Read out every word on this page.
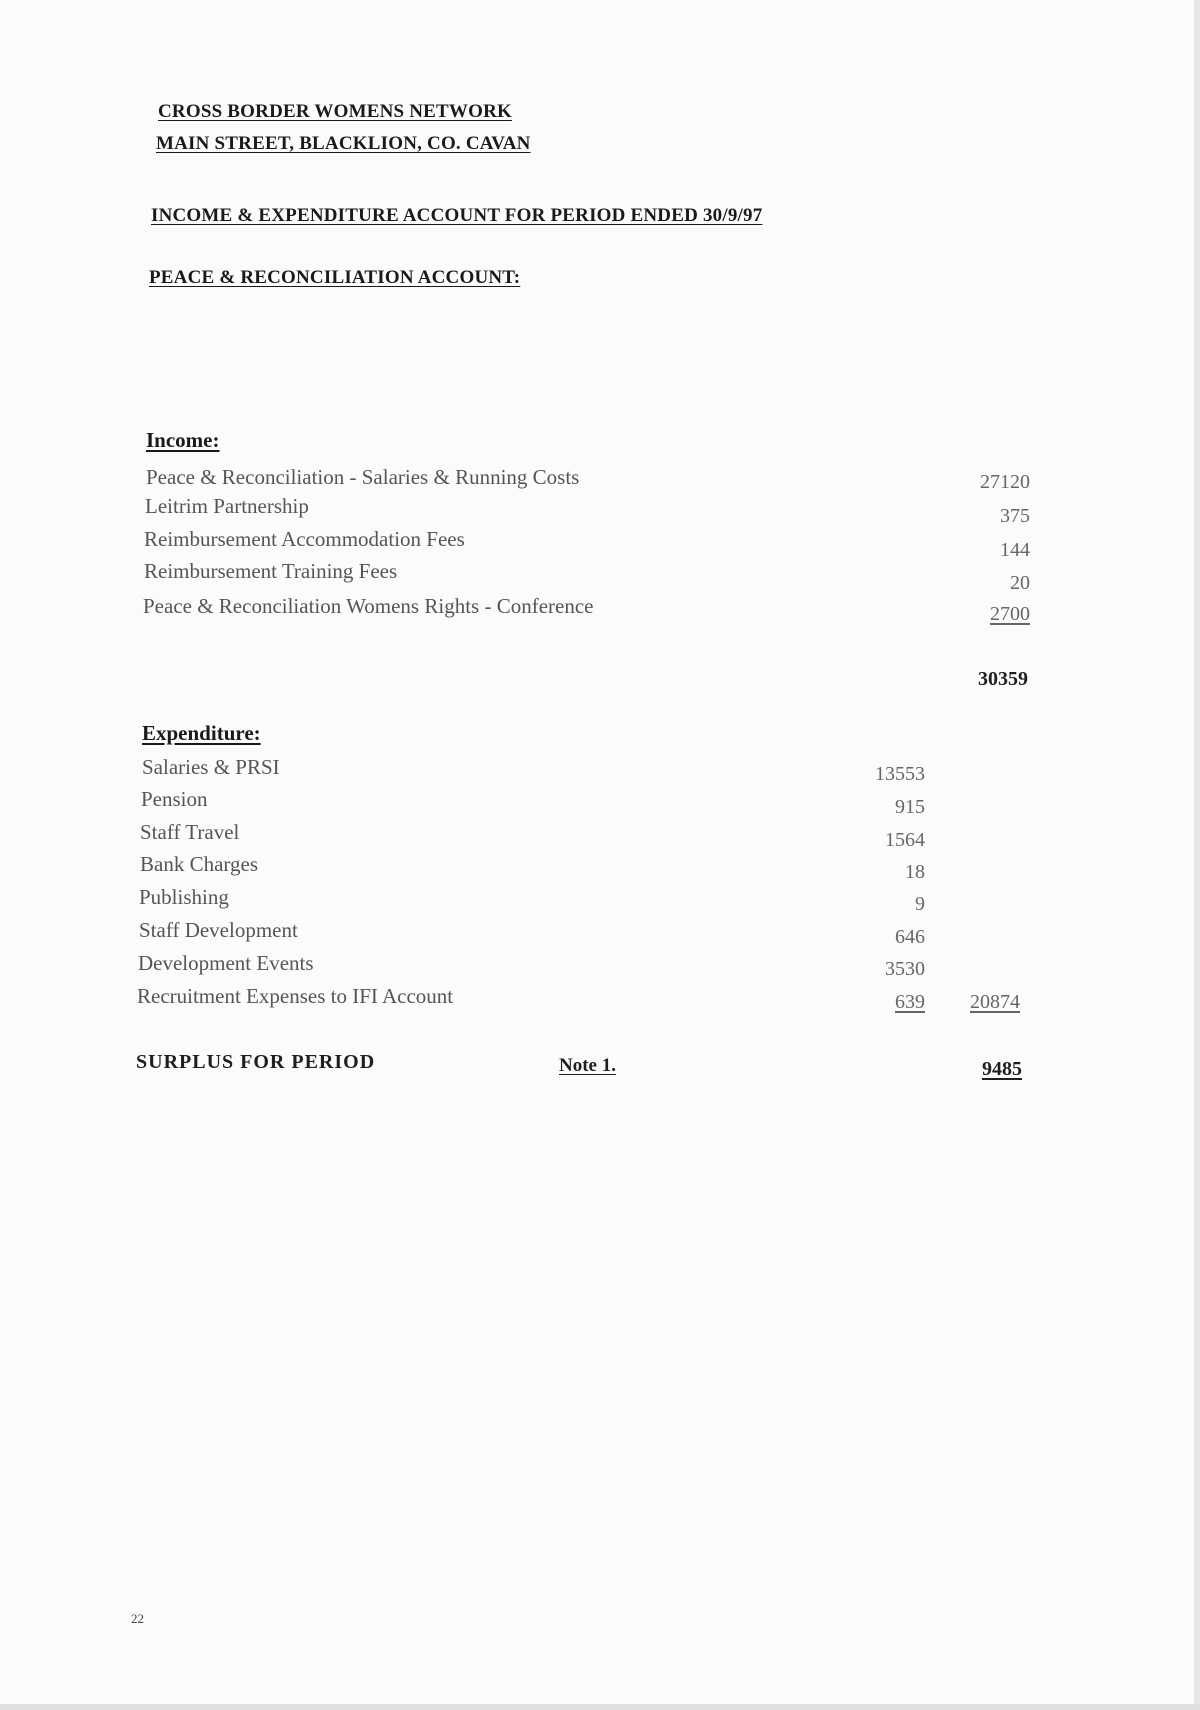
CROSS BORDER WOMENS NETWORK
MAIN STREET, BLACKLION, CO. CAVAN
INCOME & EXPENDITURE ACCOUNT FOR PERIOD ENDED 30/9/97
PEACE & RECONCILIATION ACCOUNT:
Income:
Peace & Reconciliation - Salaries & Running Costs	27120
Leitrim Partnership	375
Reimbursement Accommodation Fees	144
Reimbursement Training Fees	20
Peace & Reconciliation Womens Rights - Conference	2700
30359
Expenditure:
Salaries & PRSI	13553
Pension	915
Staff Travel	1564
Bank Charges	18
Publishing	9
Staff Development	646
Development Events	3530
Recruitment Expenses to IFI Account	639	20874
SURPLUS FOR PERIOD	Note 1.	9485
22
